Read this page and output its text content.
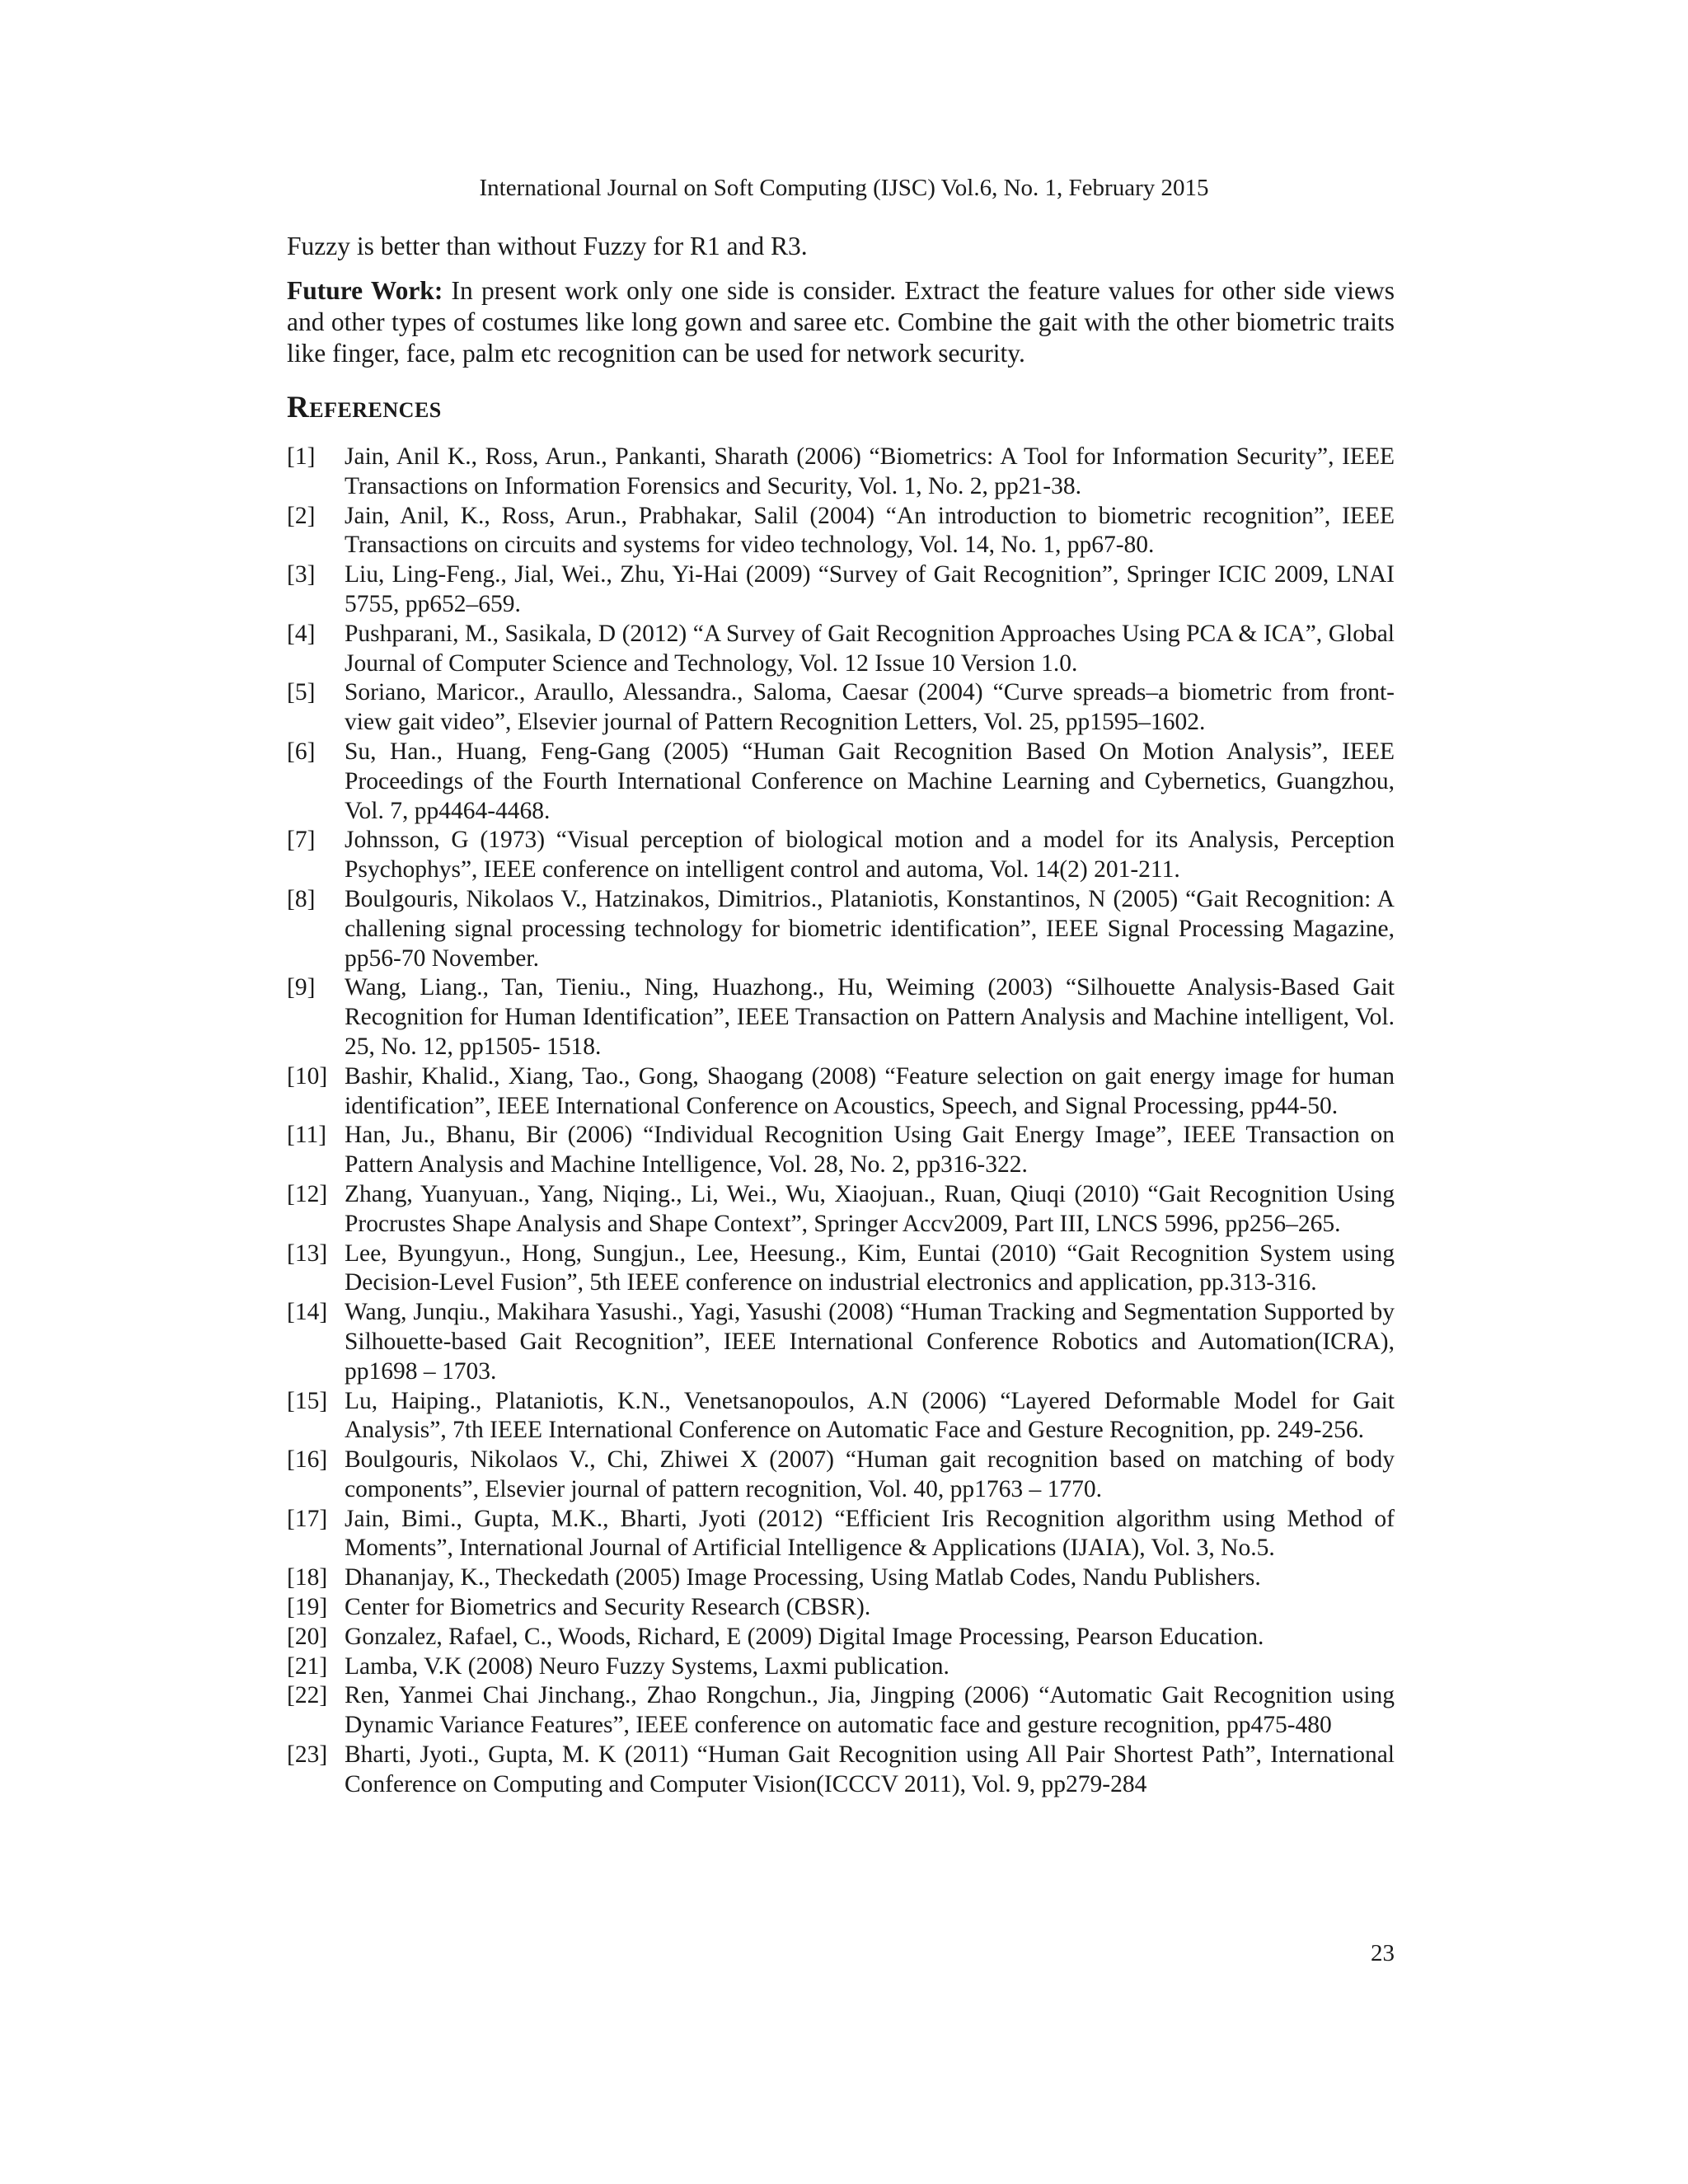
International Journal on Soft Computing (IJSC) Vol.6, No. 1, February 2015

Fuzzy is better than without Fuzzy for R1 and R3.

Future Work: In present work only one side is consider. Extract the feature values for other side views and other types of costumes like long gown and saree etc. Combine the gait with the other biometric traits like finger, face, palm etc recognition can be used for network security.

References
[1]	Jain, Anil K., Ross, Arun., Pankanti, Sharath (2006) “Biometrics: A Tool for Information Security”, IEEE Transactions on Information Forensics and Security, Vol. 1, No. 2, pp21-38.
[2]	Jain, Anil, K., Ross, Arun., Prabhakar, Salil (2004) “An introduction to biometric recognition”, IEEE Transactions on circuits and systems for video technology, Vol. 14, No. 1, pp67-80.
[3]	Liu, Ling-Feng., Jial, Wei., Zhu, Yi-Hai (2009) “Survey of Gait Recognition”, Springer ICIC 2009, LNAI 5755, pp652–659.
[4]	Pushparani, M., Sasikala, D (2012) “A Survey of Gait Recognition Approaches Using PCA & ICA”, Global Journal of Computer Science and Technology, Vol. 12 Issue 10 Version 1.0.
[5]	Soriano, Maricor., Araullo, Alessandra., Saloma, Caesar (2004) “Curve spreads–a biometric from front-view gait video”, Elsevier journal of Pattern Recognition Letters, Vol. 25, pp1595–1602.
[6]	Su, Han., Huang, Feng-Gang (2005) “Human Gait Recognition Based On Motion Analysis”, IEEE Proceedings of the Fourth International Conference on Machine Learning and Cybernetics, Guangzhou, Vol. 7, pp4464-4468.
[7]	Johnsson, G (1973) “Visual perception of biological motion and a model for its Analysis, Perception Psychophys”, IEEE conference on intelligent control and automa, Vol. 14(2) 201-211.
[8]	Boulgouris, Nikolaos V., Hatzinakos, Dimitrios., Plataniotis, Konstantinos, N (2005) “Gait Recognition: A challening signal processing technology for biometric identification”, IEEE Signal Processing Magazine, pp56-70 November.
[9]	Wang, Liang., Tan, Tieniu., Ning, Huazhong., Hu, Weiming (2003) “Silhouette Analysis-Based Gait Recognition for Human Identification”, IEEE Transaction on Pattern Analysis and Machine intelligent, Vol. 25, No. 12, pp1505- 1518.
[10] Bashir, Khalid., Xiang, Tao., Gong, Shaogang (2008) “Feature selection on gait energy image for human identification”, IEEE International Conference on Acoustics, Speech, and Signal Processing, pp44-50.
[11] Han, Ju., Bhanu, Bir (2006) “Individual Recognition Using Gait Energy Image”, IEEE Transaction on Pattern Analysis and Machine Intelligence, Vol. 28, No. 2, pp316-322.
[12] Zhang, Yuanyuan., Yang, Niqing., Li, Wei., Wu, Xiaojuan., Ruan, Qiuqi (2010) “Gait Recognition Using Procrustes Shape Analysis and Shape Context”, Springer Accv2009, Part III, LNCS 5996, pp256–265.
[13] Lee, Byungyun., Hong, Sungjun., Lee, Heesung., Kim, Euntai (2010) “Gait Recognition System using Decision-Level Fusion”, 5th IEEE conference on industrial electronics and application, pp.313-316.
[14] Wang, Junqiu., Makihara Yasushi., Yagi, Yasushi (2008) “Human Tracking and Segmentation Supported by Silhouette-based Gait Recognition”, IEEE International Conference Robotics and Automation(ICRA), pp1698 – 1703.
[15] Lu, Haiping., Plataniotis, K.N., Venetsanopoulos, A.N (2006) “Layered Deformable Model for Gait Analysis”, 7th IEEE International Conference on Automatic Face and Gesture Recognition, pp. 249-256.
[16] Boulgouris, Nikolaos V., Chi, Zhiwei X (2007) “Human gait recognition based on matching of body components”, Elsevier journal of pattern recognition, Vol. 40, pp1763 – 1770.
[17] Jain, Bimi., Gupta, M.K., Bharti, Jyoti (2012) “Efficient Iris Recognition algorithm using Method of Moments”, International Journal of Artificial Intelligence & Applications (IJAIA), Vol. 3, No.5.
[18] Dhananjay, K., Theckedath (2005) Image Processing, Using Matlab Codes, Nandu Publishers.
[19] Center for Biometrics and Security Research (CBSR).
[20] Gonzalez, Rafael, C., Woods, Richard, E (2009) Digital Image Processing, Pearson Education.
[21] Lamba, V.K (2008) Neuro Fuzzy Systems, Laxmi publication.
[22] Ren, Yanmei Chai Jinchang., Zhao Rongchun., Jia, Jingping (2006) “Automatic Gait Recognition using Dynamic Variance Features”, IEEE conference on automatic face and gesture recognition, pp475-480
[23] Bharti, Jyoti., Gupta, M. K (2011) “Human Gait Recognition using All Pair Shortest Path”, International Conference on Computing and Computer Vision(ICCCV 2011), Vol. 9, pp279-284
23
